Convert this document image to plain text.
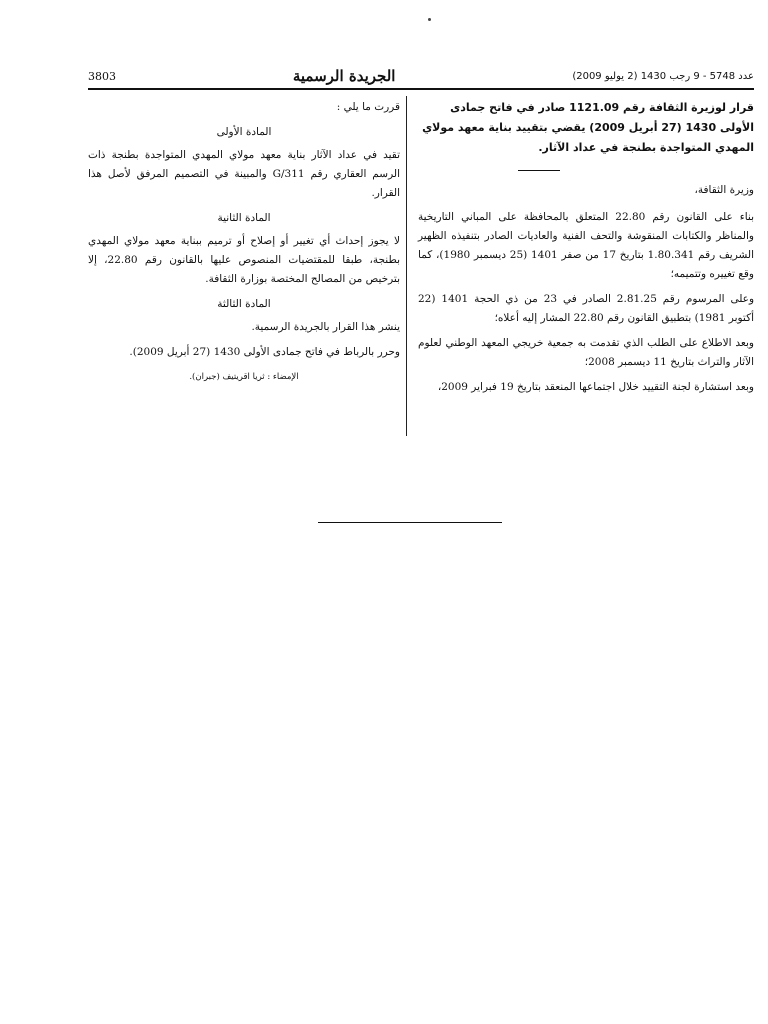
3803	الجريدة الرسمية	عدد 5748 - 9 رجب 1430 (2 يوليو 2009)
قرار لوزيرة الثقافة رقم 1121.09 صادر في فاتح جمادى الأولى 1430 (27 أبريل 2009) يقضي بتقييد بناية معهد مولاي المهدي المتواجدة بطنجة في عداد الآثار.
وزيرة الثقافة،

بناء على القانون رقم 22.80 المتعلق بالمحافظة على المباني التاريخية والمناظر والكتابات المنقوشة والتحف الفنية والعاديات الصادر بتنفيذه الظهير الشريف رقم 1.80.341 بتاريخ 17 من صفر 1401 (25 ديسمبر 1980)، كما وقع تغييره وتتميمه؛

وعلى المرسوم رقم 2.81.25 الصادر في 23 من ذي الحجة 1401 (22 أكتوبر 1981) بتطبيق القانون رقم 22.80 المشار إليه أعلاه؛

وبعد الاطلاع على الطلب الذي تقدمت به جمعية خريجي المعهد الوطني لعلوم الآثار والتراث بتاريخ 11 ديسمبر 2008؛

وبعد استشارة لجنة التقييد خلال اجتماعها المنعقد بتاريخ 19 فبراير 2009،

قررت ما يلي :
المادة الأولى

تقيد في عداد الآثار بناية معهد مولاي المهدي المتواجدة بطنجة ذات الرسم العقاري رقم G/311 والمبينة في التصميم المرفق لأصل هذا القرار.

المادة الثانية

لا يجوز إحداث أي تغيير أو إصلاح أو ترميم ببناية معهد مولاي المهدي بطنجة، طبقا للمقتضيات المنصوص عليها بالقانون رقم 22.80، إلا بترخيص من المصالح المختصة بوزارة الثقافة.

المادة الثالثة

ينشر هذا القرار بالجريدة الرسمية.

وحرر بالرباط في فاتح جمادى الأولى 1430 (27 أبريل 2009).

الإمضاء : ثريا اقريتيف (جبران).
